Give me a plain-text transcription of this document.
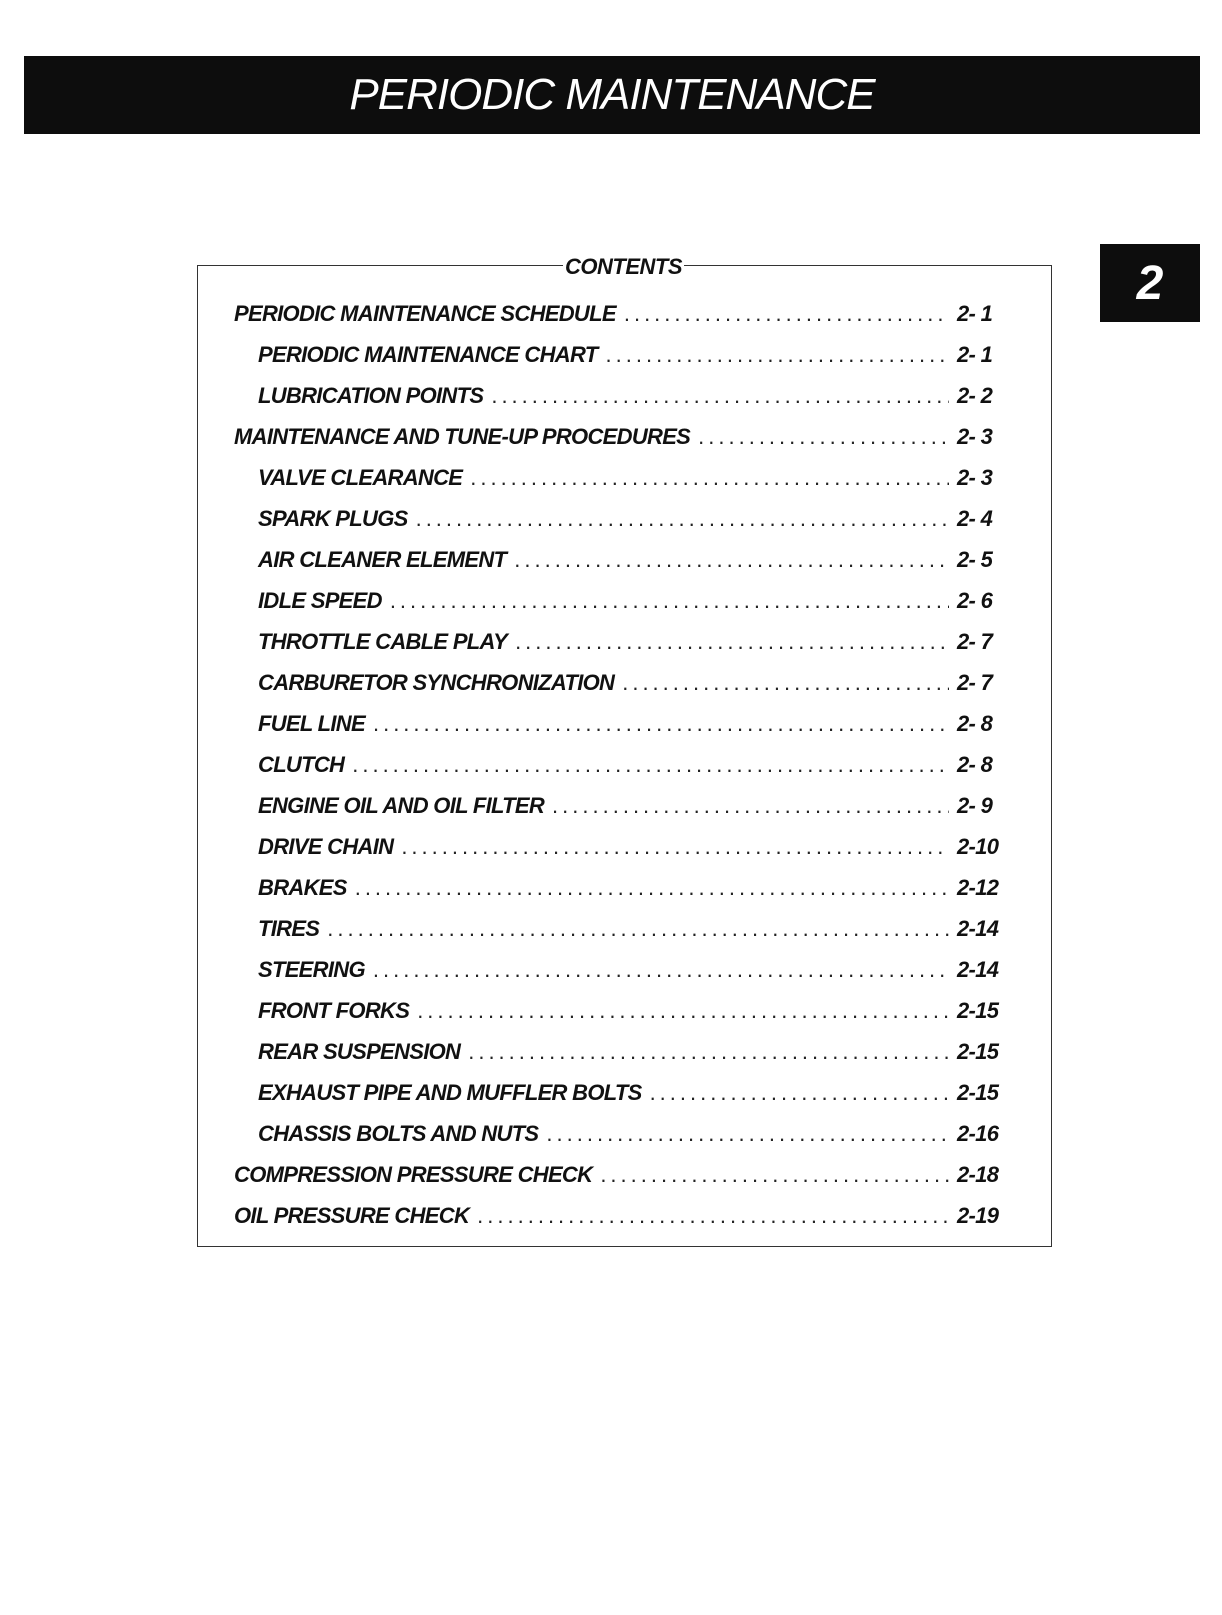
PERIODIC MAINTENANCE
2
CONTENTS
PERIODIC MAINTENANCE SCHEDULE .....	2- 1
PERIODIC MAINTENANCE CHART .....	2- 1
LUBRICATION POINTS .....	2- 2
MAINTENANCE AND TUNE-UP PROCEDURES .....	2- 3
VALVE CLEARANCE .....	2- 3
SPARK PLUGS .....	2- 4
AIR CLEANER ELEMENT .....	2- 5
IDLE SPEED .....	2- 6
THROTTLE CABLE PLAY .....	2- 7
CARBURETOR SYNCHRONIZATION .....	2- 7
FUEL LINE .....	2- 8
CLUTCH .....	2- 8
ENGINE OIL AND OIL FILTER .....	2- 9
DRIVE CHAIN .....	2-10
BRAKES .....	2-12
TIRES .....	2-14
STEERING .....	2-14
FRONT FORKS .....	2-15
REAR SUSPENSION .....	2-15
EXHAUST PIPE AND MUFFLER BOLTS .....	2-15
CHASSIS BOLTS AND NUTS .....	2-16
COMPRESSION PRESSURE CHECK .....	2-18
OIL PRESSURE CHECK .....	2-19
